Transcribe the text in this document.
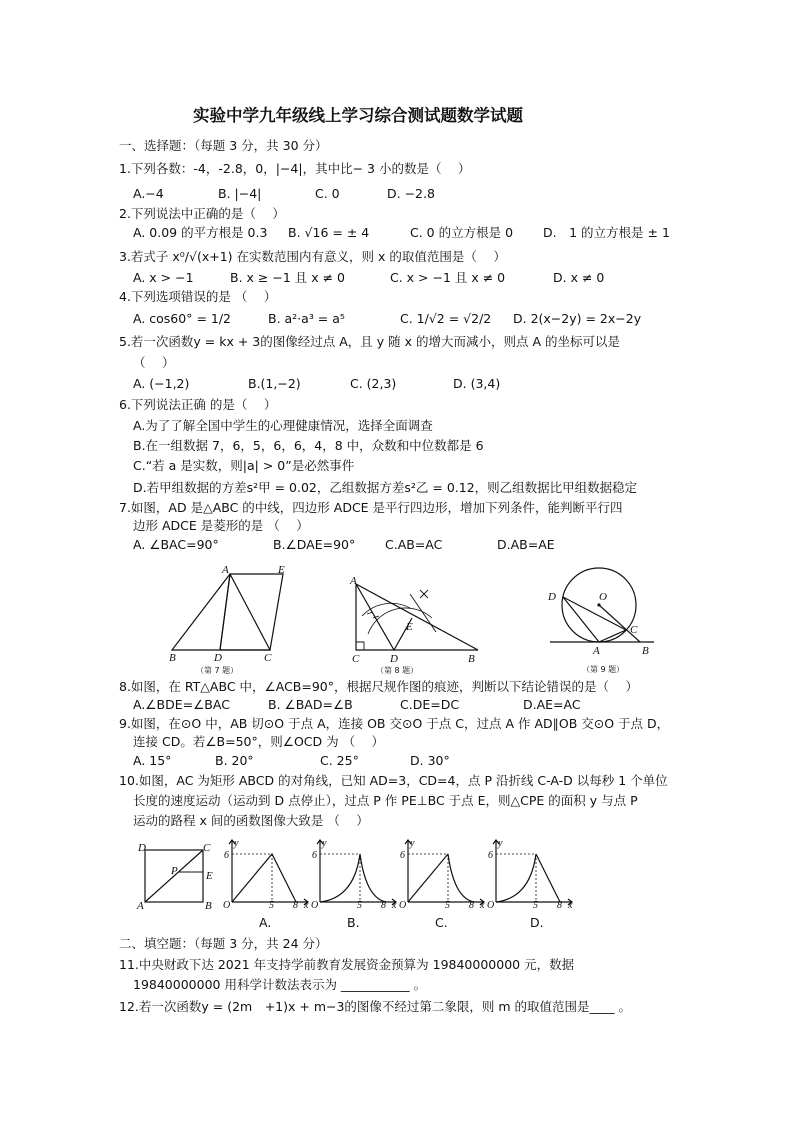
实验中学九年级线上学习综合测试题数学试题
一、选择题：（每题 3 分，共 30 分）
1.下列各数：-4，-2.8，0，|−4|，其中比− 3 小的数是（　 ）
A.−4	B. |−4|	C. 0	D. −2.8
2.下列说法中正确的是（　 ）
A. 0.09 的平方根是 0.3 B. √16 = ± 4	C. 0 的立方根是 0 D.　1 的立方根是 ± 1
3.若式子 x⁰/√(x+1) 在实数范围内有意义，则 x 的取值范围是（　 ）
A. x > −1	B. x ≥ −1 且 x ≠ 0	C. x > −1 且 x ≠ 0	D. x ≠ 0
4.下列选项错误的是 （　 ）
A. cos60° = 1/2	B. a²·a³ = a⁵	C. 1/√2 = √2/2 D. 2(x−2y) = 2x−2y
5.若一次函数y = kx + 3的图像经过点 A，且 y 随 x 的增大而减小，则点 A 的坐标可以是
（　 ）
A. (−1,2)	B.(1,−2)	C. (2,3)	D. (3,4)
6.下列说法正确 的是（　 ）
A.为了了解全国中学生的心理健康情况，选择全面调查
B.在一组数据 7，6，5，6，6，4，8 中，众数和中位数都是 6
C.“若 a 是实数，则|a| > 0”是必然事件
D.若甲组数据的方差s²甲 = 0.02，乙组数据方差s²乙 = 0.12，则乙组数据比甲组数据稳定
7.如图，AD 是△ABC 的中线，四边形 ADCE 是平行四边形，增加下列条件，能判断平行四
边形 ADCE 是菱形的是 （　 ）
A. ∠BAC=90°	B.∠DAE=90° C.AB=AC	D.AB=AE
A	E
B	D	C
（第 7 题）
A
E
C	D	B
（第 8 题）
D	O
C
A	B
（第 9 题）
8.如图，在 RT△ABC 中，∠ACB=90°，根据尺规作图的痕迹，判断以下结论错误的是（　 ）
A.∠BDE=∠BAC	B. ∠BAD=∠B	C.DE=DC	D.AE=AC
9.如图，在⊙O 中，AB 切⊙O 于点 A，连接 OB 交⊙O 于点 C，过点 A 作 AD∥OB 交⊙O 于点 D，
连接 CD。若∠B=50°，则∠OCD 为 （　 ）
A. 15°	B. 20°	C. 25°	D. 30°
10.如图，AC 为矩形 ABCD 的对角线，已知 AD=3，CD=4，点 P 沿折线 C-A-D 以每秒 1 个单位
长度的速度运动（运动到 D 点停止），过点 P 作 PE⊥BC 于点 E，则△CPE 的面积 y 与点 P
运动的路程 x 间的函数图像大致是 （　 ）
D	C
P	E
A	B
y
6
O	5 8 x
y
6
O	5 8 x
y
6
O	5 8 x
y
6
O	5 8 x
A.	B.	C.	D.
二、填空题：（每题 3 分，共 24 分）
11.中央财政下达 2021 年支持学前教育发展资金预算为 19840000000 元，数据
19840000000 用科学计数法表示为 ___________ 。
12.若一次函数y = (2m　+1)x + m−3的图像不经过第二象限，则 m 的取值范围是____ 。
